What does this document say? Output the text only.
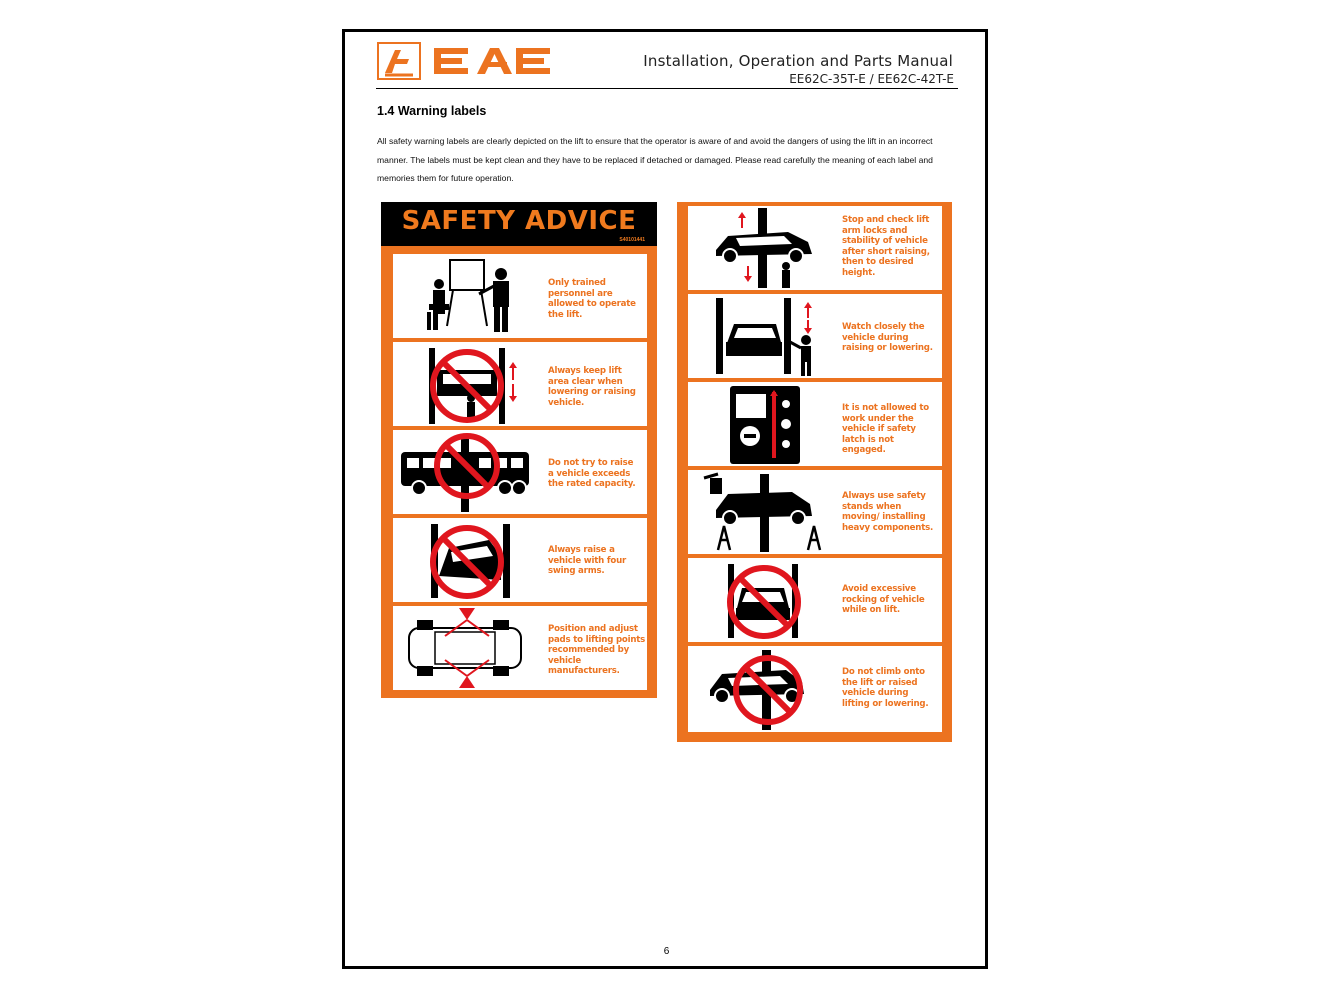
Installation, Operation and Parts Manual
EE62C-35T-E / EE62C-42T-E
1.4 Warning labels
All safety warning labels are clearly depicted on the lift to ensure that the operator is aware of and avoid the dangers of using the lift in an incorrect manner. The labels must be kept clean and they have to be replaced if detached or damaged. Please read carefully the meaning of each label and memories them for future operation.
SAFETY ADVICE
S40101441
Only trained personnel are allowed to operate the lift.
Always keep lift area clear when lowering or raising vehicle.
Do not try to raise a vehicle exceeds the rated capacity.
Always raise a vehicle with four swing arms.
Position and adjust pads to lifting points recommended by vehicle manufacturers.
Stop and check lift arm locks and stability of vehicle after short raising, then to desired height.
Watch closely the vehicle during raising or lowering.
It is not allowed to work under the vehicle if safety latch is not engaged.
Always use safety stands when moving/ installing heavy components.
Avoid excessive rocking of vehicle while on lift.
Do not climb onto the lift or raised vehicle during lifting or lowering.
6
